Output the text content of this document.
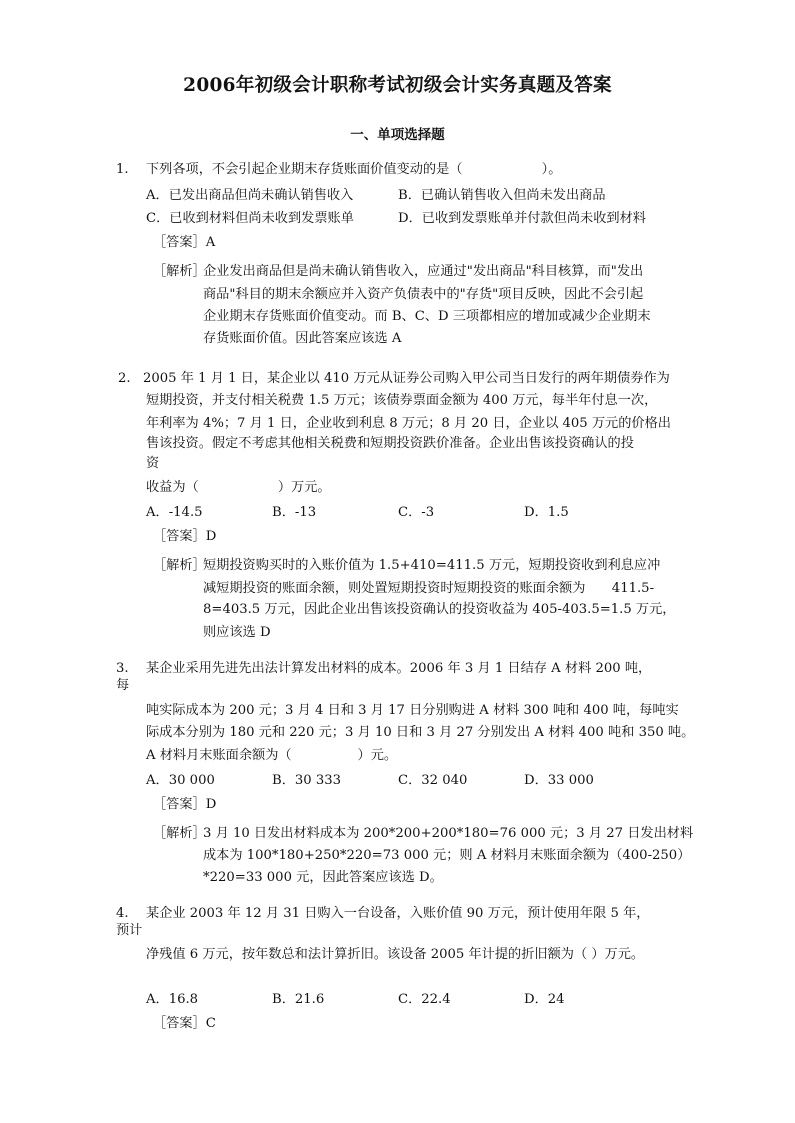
2006年初级会计职称考试初级会计实务真题及答案
一、单项选择题
1. 下列各项，不会引起企业期末存货账面价值变动的是（　　　　　　）。
A．已发出商品但尚未确认销售收入	B．已确认销售收入但尚未发出商品
C．已收到材料但尚未收到发票账单	D．已收到发票账单并付款但尚未收到材料
［答案］A
［解析］
企业发出商品但是尚未确认销售收入，应通过"发出商品"科目核算，而"发出
商品"科目的期末余额应并入资产负债表中的"存货"项目反映，因此不会引起
企业期末存货账面价值变动。而 B、C、D 三项都相应的增加或减少企业期末
存货账面价值。因此答案应该选 A
2. 2005 年 1 月 1 日，某企业以 410 万元从证券公司购入甲公司当日发行的两年期债券作为
短期投资，并支付相关税费 1.5 万元；该债券票面金额为 400 万元，每半年付息一次，
年利率为 4%；7 月 1 日，企业收到利息 8 万元；8 月 20 日，企业以 405 万元的价格出
售该投资。假定不考虑其他相关税费和短期投资跌价准备。企业出售该投资确认的投
资
收益为（　　　　　　）万元。
A．-14.5	B．-13	C．-3	D．1.5
［答案］D
［解析］
短期投资购买时的入账价值为 1.5+410=411.5 万元，短期投资收到利息应冲
减短期投资的账面余额，则处置短期投资时短期投资的账面余额为　　411.5-
8=403.5 万元，因此企业出售该投资确认的投资收益为 405-403.5=1.5 万元，
则应该选 D
3. 某企业采用先进先出法计算发出材料的成本。2006 年 3 月 1 日结存 A 材料 200 吨，
每
吨实际成本为 200 元；3 月 4 日和 3 月 17 日分别购进 A 材料 300 吨和 400 吨，每吨实
际成本分别为 180 元和 220 元；3 月 10 日和 3 月 27 分别发出 A 材料 400 吨和 350 吨。
A 材料月末账面余额为（　　　　　）元。
A．30 000	B．30 333	C．32 040	D．33 000
［答案］D
［解析］
3 月 10 日发出材料成本为 200*200+200*180=76 000 元；3 月 27 日发出材料
成本为 100*180+250*220=73 000 元；则 A 材料月末账面余额为（400-250）
*220=33 000 元，因此答案应该选 D。
4. 某企业 2003 年 12 月 31 日购入一台设备，入账价值 90 万元，预计使用年限 5 年，
预计
净残值 6 万元，按年数总和法计算折旧。该设备 2005 年计提的折旧额为（ ）万元。
A．16.8	B．21.6	C．22.4	D．24
［答案］C
